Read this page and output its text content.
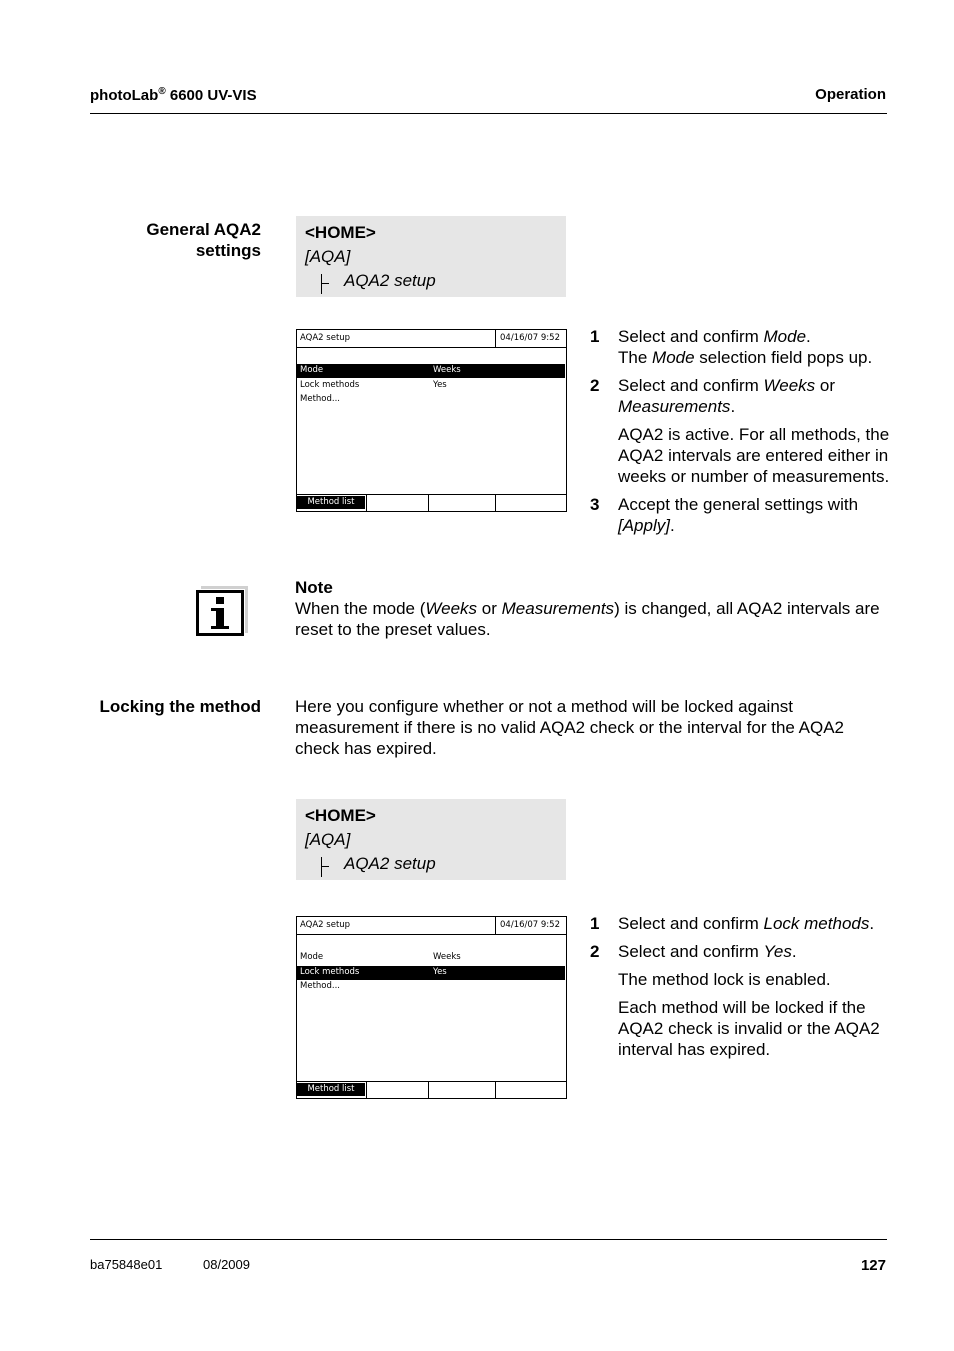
photoLab® 6600 UV-VIS	Operation
General AQA2
settings
<HOME>
[AQA]
AQA2 setup
AQA2 setup	04/16/07 9:52
Mode	Weeks
Lock methods	Yes
Method...
Method list
1 Select and confirm Mode.
The Mode selection field pops up.
2 Select and confirm Weeks or
Measurements.
AQA2 is active. For all methods, the AQA2 intervals are entered either in weeks or number of measurements.
3 Accept the general settings with
[Apply].
Note
When the mode (Weeks or Measurements) is changed, all AQA2 intervals are reset to the preset values.
Locking the method Here you configure whether or not a method will be locked against measurement if there is no valid AQA2 check or the interval for the AQA2 check has expired.
<HOME>
[AQA]
AQA2 setup
AQA2 setup	04/16/07 9:52
Mode	Weeks
Lock methods	Yes
Method...
Method list
1 Select and confirm Lock methods.
2 Select and confirm Yes.
The method lock is enabled.
Each method will be locked if the AQA2 check is invalid or the AQA2 interval has expired.
ba75848e01	08/2009	127
